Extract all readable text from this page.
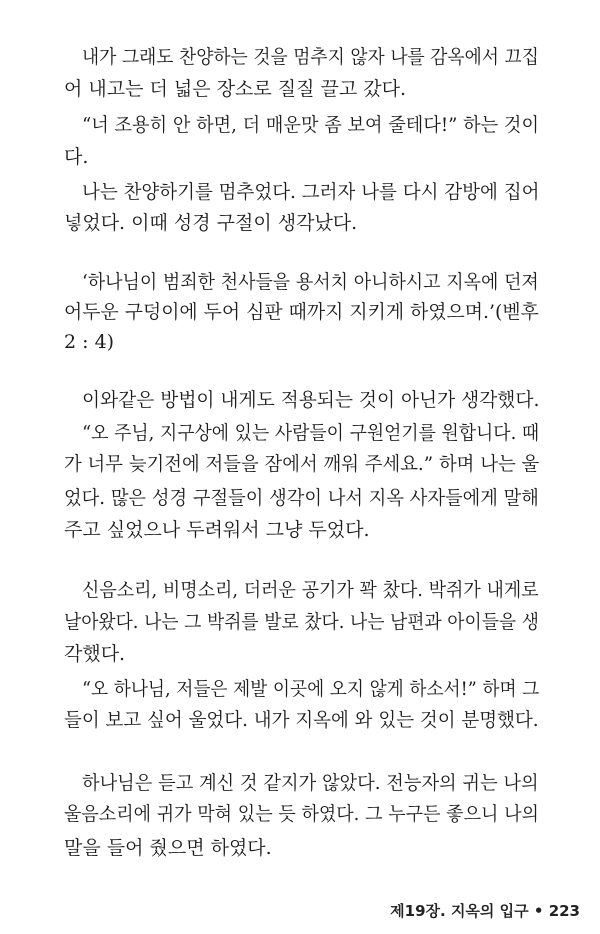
내가 그래도 찬양하는 것을 멈추지 않자 나를 감옥에서 끄집
어 내고는 더 넓은 장소로 질질 끌고 갔다.
“너 조용히 안 하면, 더 매운맛 좀 보여 줄테다!” 하는 것이
다.
나는 찬양하기를 멈추었다. 그러자 나를 다시 감방에 집어
넣었다. 이때 성경 구절이 생각났다.
‘하나님이 범죄한 천사들을 용서치 아니하시고 지옥에 던져
어두운 구덩이에 두어 심판 때까지 지키게 하였으며.’(벧후
2 : 4)
이와같은 방법이 내게도 적용되는 것이 아닌가 생각했다.
“오 주님, 지구상에 있는 사람들이 구원얻기를 원합니다. 때
가 너무 늦기전에 저들을 잠에서 깨워 주세요.” 하며 나는 울
었다. 많은 성경 구절들이 생각이 나서 지옥 사자들에게 말해
주고 싶었으나 두려워서 그냥 두었다.
신음소리, 비명소리, 더러운 공기가 꽉 찼다. 박쥐가 내게로
날아왔다. 나는 그 박쥐를 발로 찼다. 나는 남편과 아이들을 생
각했다.
“오 하나님, 저들은 제발 이곳에 오지 않게 하소서!” 하며 그
들이 보고 싶어 울었다. 내가 지옥에 와 있는 것이 분명했다.
하나님은 듣고 계신 것 같지가 않았다. 전능자의 귀는 나의
울음소리에 귀가 막혀 있는 듯 하였다. 그 누구든 좋으니 나의
말을 들어 줬으면 하였다.
제19장. 지옥의 입구 • 223
